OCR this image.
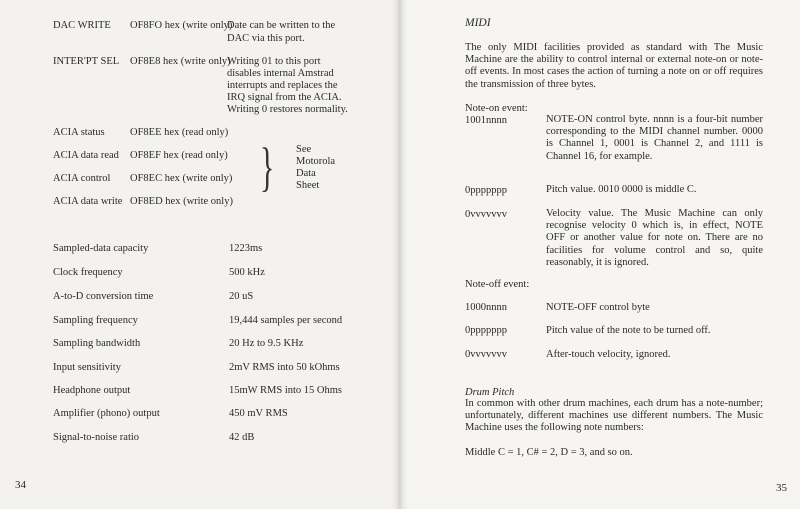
DAC WRITE OF8FO hex (write only)
Date can be written to the
DAC via this port.
INTER'PT SEL OF8E8 hex (write only)
Writing 01 to this port
disables internal Amstrad
interrupts and replaces the
IRQ signal from the ACIA.
Writing 0 restores normality.
ACIA status OF8EE hex (read only)
ACIA data read OF8EF hex (read only)
ACIA control OF8EC hex (write only)
ACIA data write OF8ED hex (write only)
} See
Motorola
Data
Sheet
Sampled-data capacity	1223ms
Clock frequency	500 kHz
A-to-D conversion time	20 uS
Sampling frequency	19,444 samples per second
Sampling bandwidth	20 Hz to 9.5 KHz
Input sensitivity	2mV RMS into 50 kOhms
Headphone output	15mW RMS into 15 Ohms
Amplifier (phono) output	450 mV RMS
Signal-to-noise ratio	42 dB
34
MIDI
The only MIDI facilities provided as standard with The Music Machine are the ability to control internal or external note-on or note-off events. In most cases the action of turning a note on or off requires the transmission of three bytes.
Note-on event:
1001nnnn	NOTE-ON control byte. nnnn is a four-bit number corresponding to the MIDI channel number. 0000 is Channel 1, 0001 is Channel 2, and 1111 is Channel 16, for example.
0ppppppp	Pitch value. 0010 0000 is middle C.
0vvvvvvv	Velocity value. The Music Machine can only recognise velocity 0 which is, in effect, NOTE OFF or another value for note on. There are no facilities for volume control and so, quite reasonably, it is ignored.
Note-off event:
1000nnnn	NOTE-OFF control byte
0ppppppp	Pitch value of the note to be turned off.
0vvvvvvv	After-touch velocity, ignored.
Drum Pitch
In common with other drum machines, each drum has a note-number; unfortunately, different machines use different numbers. The Music Machine uses the following note numbers:
Middle C = 1, C# = 2, D = 3, and so on.
35
